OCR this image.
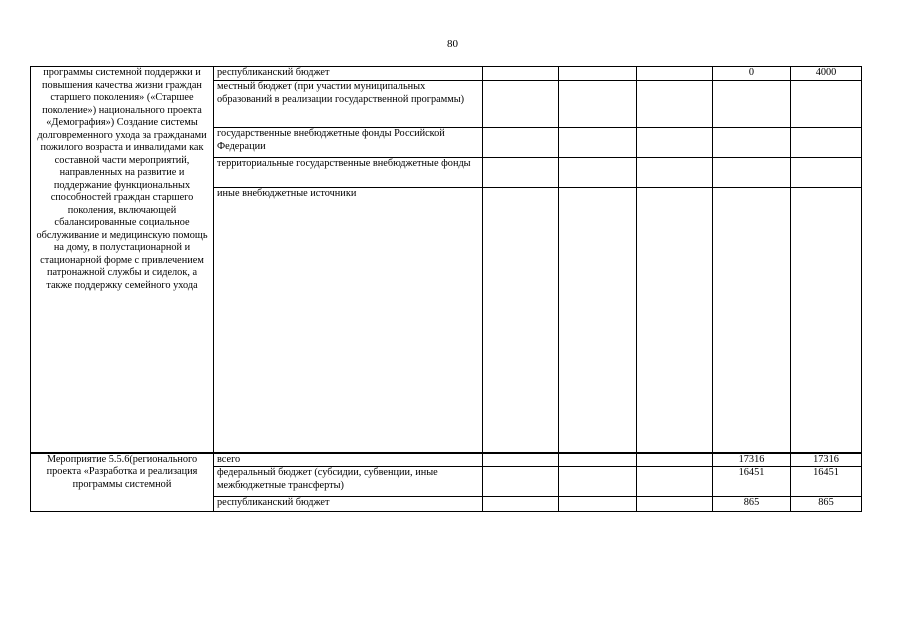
80
программы системной поддержки и повышения качества жизни граждан старшего поколения» («Старшее поколение») национального проекта «Демография») Создание системы долговременного ухода за гражданами пожилого возраста и инвалидами как составной части мероприятий, направленных на развитие и поддержание функциональных способностей граждан старшего поколения, включающей сбалансированные социальное обслуживание и медицинскую помощь на дому, в полустационарной и стационарной форме с привлечением патронажной службы и сиделок, а также поддержку семейного ухода	республиканский бюджет				0	4000
	местный бюджет (при участии муниципальных образований в реализации государственной программы)					
	государственные внебюджетные фонды Российской Федерации					
	территориальные государственные внебюджетные фонды					
	иные внебюджетные источники					
Мероприятие 5.5.6(регионального проекта «Разработка и реализация программы системной	всего				17316	17316
	федеральный бюджет (субсидии, субвенции, иные межбюджетные трансферты)				16451	16451
	республиканский бюджет				865	865
